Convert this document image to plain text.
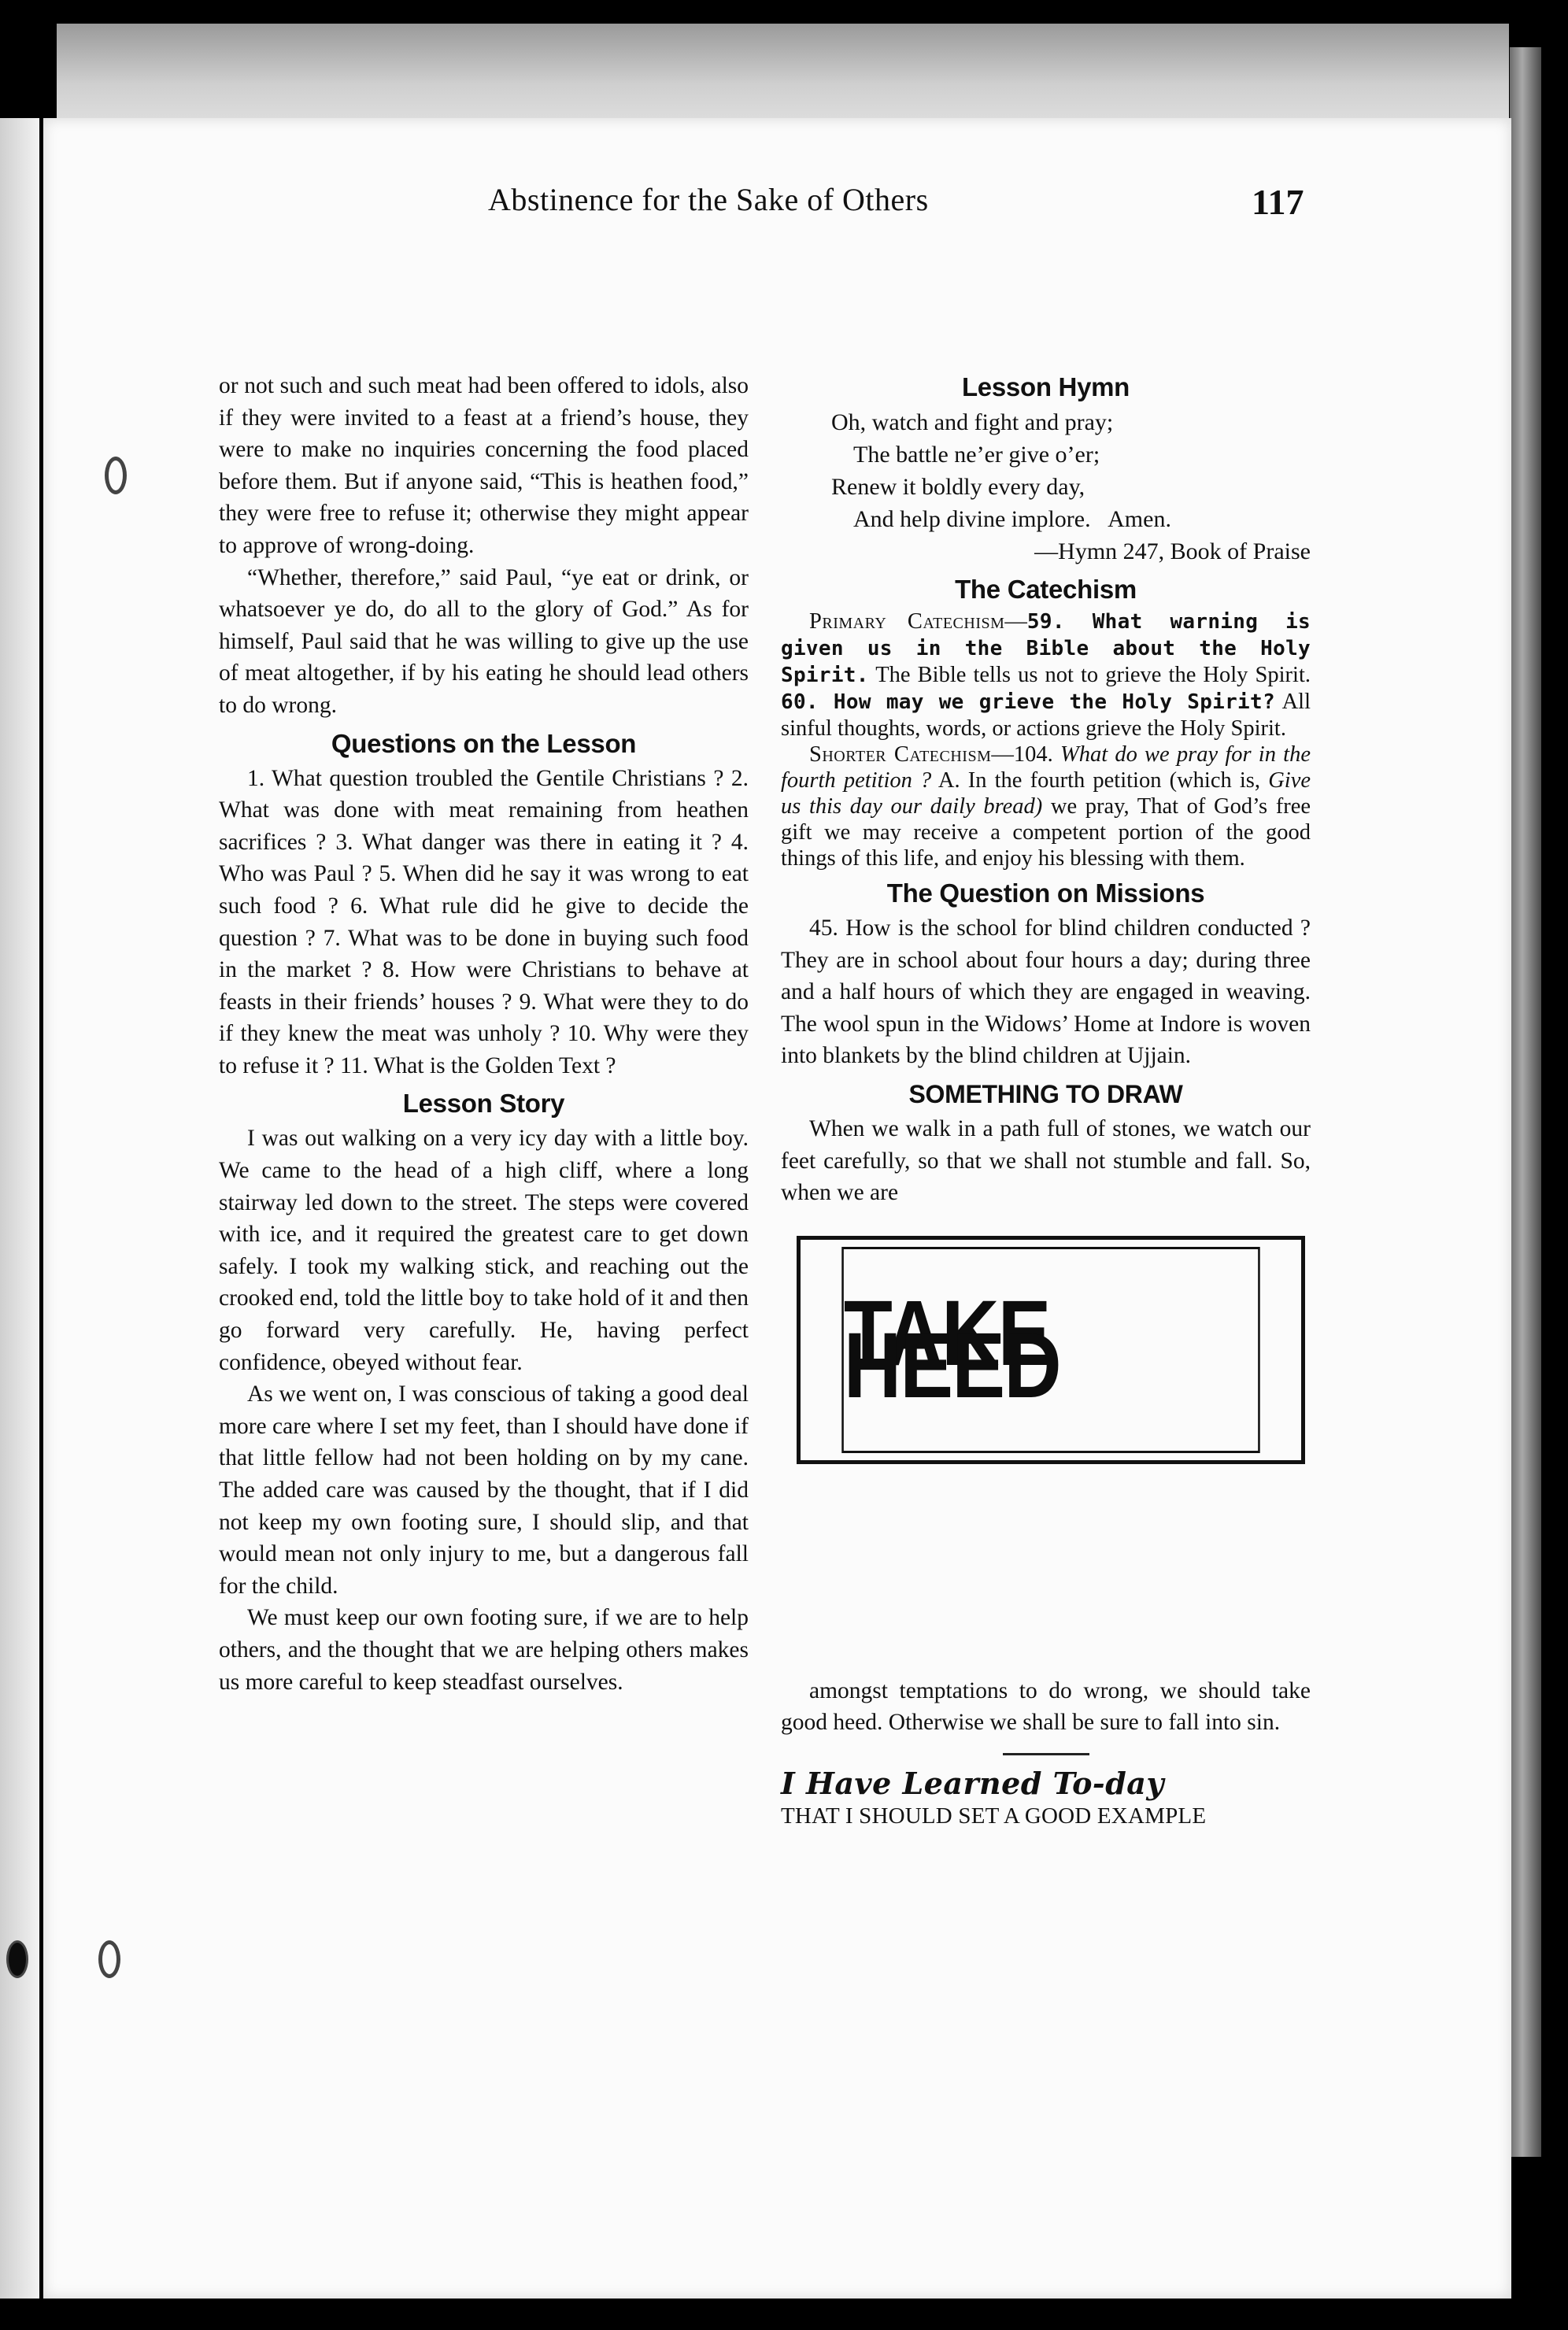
Abstinence for the Sake of Others	117

or not such and such meat had been offered to idols, also if they were invited to a feast at a friend’s house, they were to make no inquiries concerning the food placed before them. But if anyone said, “This is heathen food,” they were free to refuse it; otherwise they might appear to approve of wrong-doing.

“Whether, therefore,” said Paul, “ye eat or drink, or whatsoever ye do, do all to the glory of God.” As for himself, Paul said that he was willing to give up the use of meat altogether, if by his eating he should lead others to do wrong.

Questions on the Lesson

1. What question troubled the Gentile Christians ? 2. What was done with meat remaining from heathen sacrifices ? 3. What danger was there in eating it ? 4. Who was Paul ? 5. When did he say it was wrong to eat such food ? 6. What rule did he give to decide the question ? 7. What was to be done in buying such food in the market ? 8. How were Christians to behave at feasts in their friends’ houses ? 9. What were they to do if they knew the meat was unholy ? 10. Why were they to refuse it ? 11. What is the Golden Text ?

Lesson Story

I was out walking on a very icy day with a little boy. We came to the head of a high cliff, where a long stairway led down to the street. The steps were covered with ice, and it required the greatest care to get down safely. I took my walking stick, and reaching out the crooked end, told the little boy to take hold of it and then go forward very carefully. He, having perfect confidence, obeyed without fear.

As we went on, I was conscious of taking a good deal more care where I set my feet, than I should have done if that little fellow had not been holding on by my cane. The added care was caused by the thought, that if I did not keep my own footing sure, I should slip, and that would mean not only injury to me, but a dangerous fall for the child.

We must keep our own footing sure, if we are to help others, and the thought that we are helping others makes us more careful to keep steadfast ourselves.

Lesson Hymn

Oh, watch and fight and pray;

The battle ne’er give o’er;

Renew it boldly every day,

And help divine implore. Amen.

—Hymn 247, Book of Praise

The Catechism

Primary Catechism—59. What warning is given us in the Bible about the Holy Spirit. The Bible tells us not to grieve the Holy Spirit. 60. How may we grieve the Holy Spirit? All sinful thoughts, words, or actions grieve the Holy Spirit.

Shorter Catechism—104. What do we pray for in the fourth petition ? A. In the fourth petition (which is, Give us this day our daily bread) we pray, That of God’s free gift we may receive a competent portion of the good things of this life, and enjoy his blessing with them.

The Question on Missions

45. How is the school for blind children conducted ? They are in school about four hours a day; during three and a half hours of which they are engaged in weaving. The wool spun in the Widows’ Home at Indore is woven into blankets by the blind children at Ujjain.

SOMETHING TO DRAW

When we walk in a path full of stones, we watch our feet carefully, so that we shall not stumble and fall. So, when we are

TAKE HEED

amongst temptations to do wrong, we should take good heed. Otherwise we shall be sure to fall into sin.

I Have Learned To-day

THAT I SHOULD SET A GOOD EXAMPLE
